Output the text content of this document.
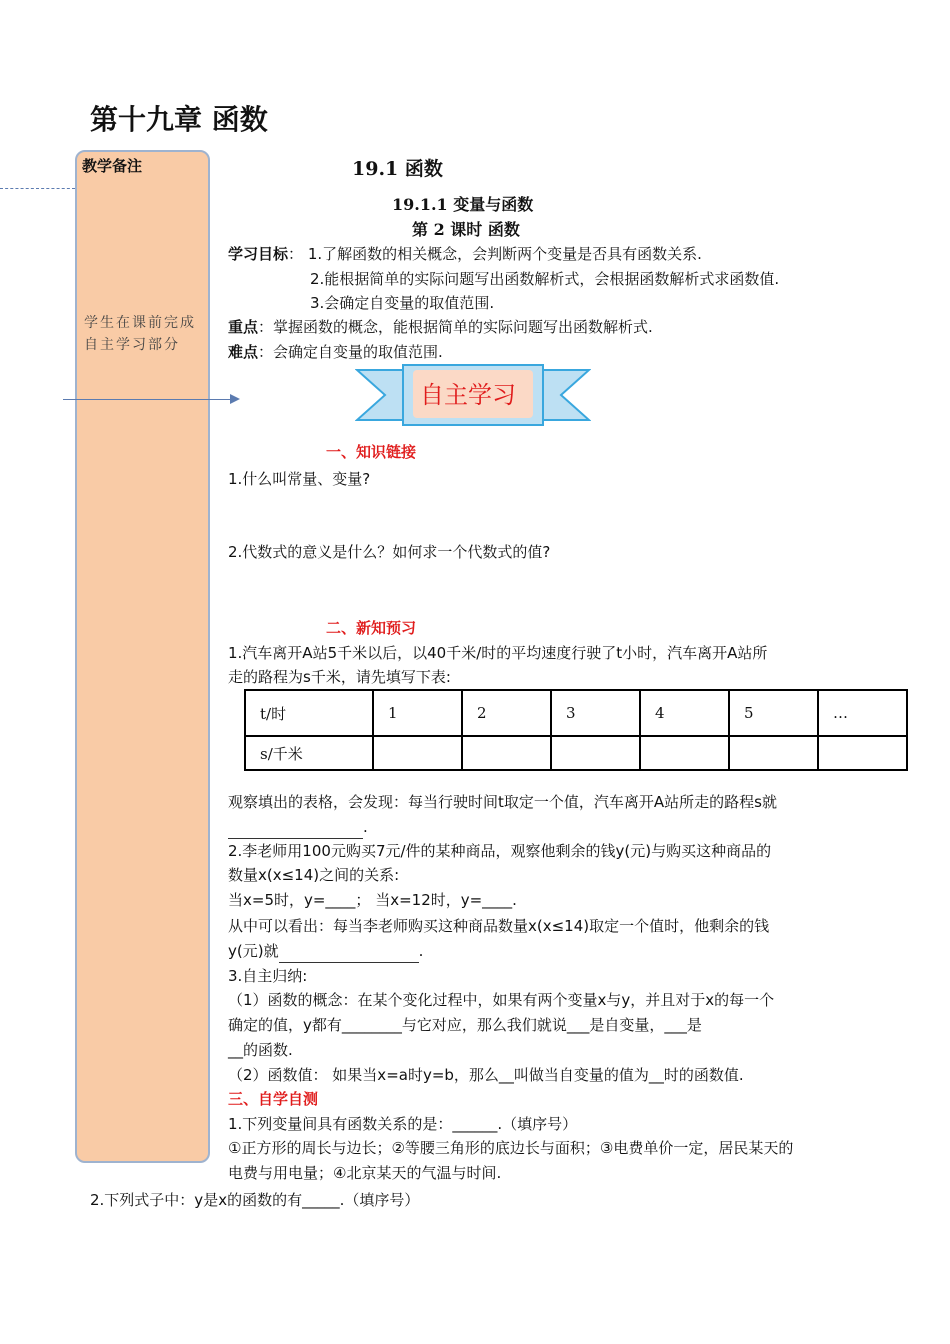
第十九章 函数
教学备注
学生在课前完成自主学习部分
19.1 函数
19.1.1 变量与函数
第 2 课时 函数
学习目标： 1.了解函数的相关概念，会判断两个变量是否具有函数关系.
2.能根据简单的实际问题写出函数解析式，会根据函数解析式求函数值.
3.会确定自变量的取值范围.
重点：掌握函数的概念，能根据简单的实际问题写出函数解析式.
难点：会确定自变量的取值范围.
自主学习
一、知识链接
1.什么叫常量、变量?
2.代数式的意义是什么？如何求一个代数式的值?
二、新知预习
1.汽车离开A站5千米以后，以40千米/时的平均速度行驶了t小时，汽车离开A站所
走的路程为s千米，请先填写下表:
t/时	1	2	3	4	5	…
s/千米						
观察填出的表格，会发现：每当行驶时间t取定一个值，汽车离开A站所走的路程s就
.
2.李老师用100元购买7元/件的某种商品，观察他剩余的钱y(元)与购买这种商品的
数量x(x≤14)之间的关系:
当x=5时，y=____； 当x=12时，y=____.
从中可以看出：每当李老师购买这种商品数量x(x≤14)取定一个值时，他剩余的钱
y(元)就	.
3.自主归纳:
（1）函数的概念：在某个变化过程中，如果有两个变量x与y，并且对于x的每一个
确定的值，y都有________与它对应，那么我们就说___是自变量，___是
__的函数.
（2）函数值： 如果当x=a时y=b，那么__叫做当自变量的值为__时的函数值.
三、自学自测
1.下列变量间具有函数关系的是：______.（填序号）
①正方形的周长与边长；②等腰三角形的底边长与面积；③电费单价一定，居民某天的
电费与用电量；④北京某天的气温与时间.
2.下列式子中：y是x的函数的有_____.（填序号）
